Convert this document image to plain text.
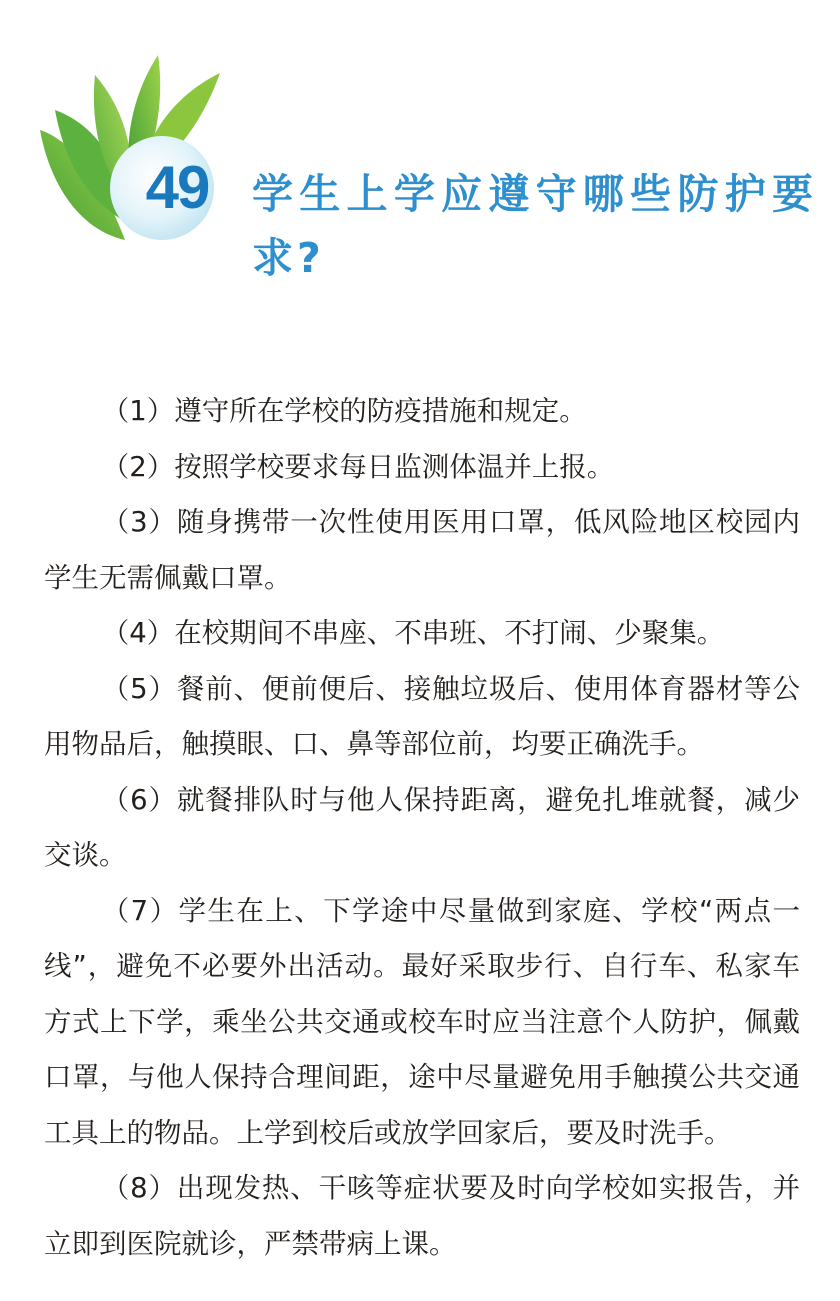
49	学生上学应遵守哪些防护要求?

（1）遵守所在学校的防疫措施和规定。

（2）按照学校要求每日监测体温并上报。

（3）随身携带一次性使用医用口罩，低风险地区校园内学生无需佩戴口罩。

（4）在校期间不串座、不串班、不打闹、少聚集。

（5）餐前、便前便后、接触垃圾后、使用体育器材等公用物品后，触摸眼、口、鼻等部位前，均要正确洗手。

（6）就餐排队时与他人保持距离，避免扎堆就餐，减少交谈。

（7）学生在上、下学途中尽量做到家庭、学校“两点一线”，避免不必要外出活动。最好采取步行、自行车、私家车方式上下学，乘坐公共交通或校车时应当注意个人防护，佩戴口罩，与他人保持合理间距，途中尽量避免用手触摸公共交通工具上的物品。上学到校后或放学回家后，要及时洗手。

（8）出现发热、干咳等症状要及时向学校如实报告，并立即到医院就诊，严禁带病上课。
